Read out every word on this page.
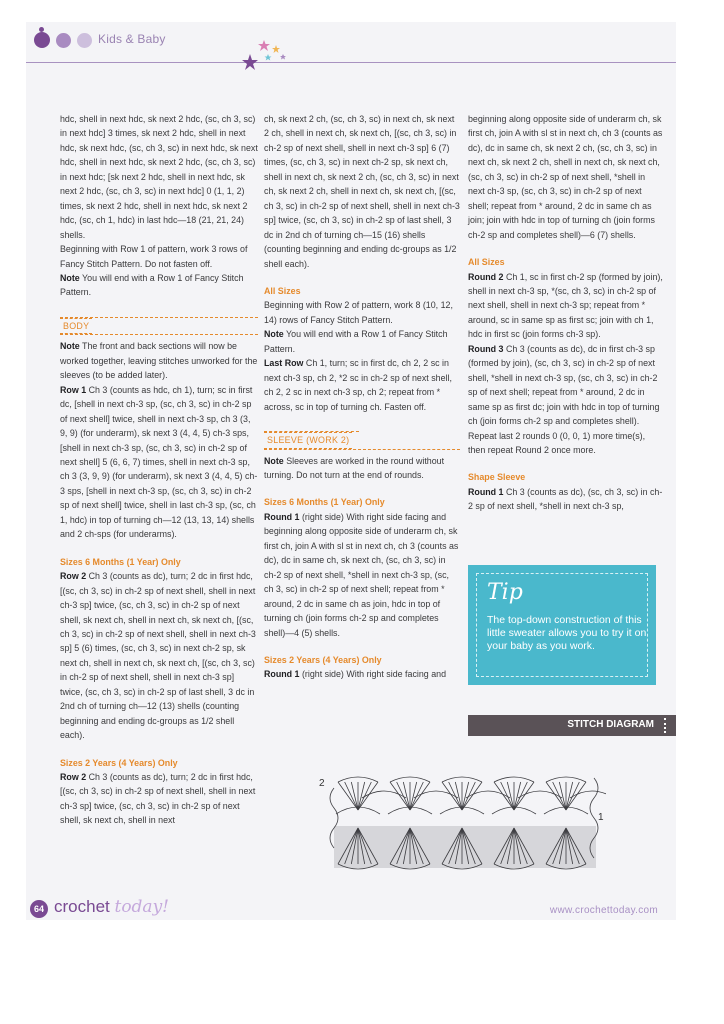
Kids & Baby

hdc, shell in next hdc, sk next 2 hdc, (sc, ch 3, sc) in next hdc] 3 times, sk next 2 hdc, shell in next hdc, sk next hdc, (sc, ch 3, sc) in next hdc, sk next hdc, shell in next hdc, sk next 2 hdc, (sc, ch 3, sc) in next hdc; [sk next 2 hdc, shell in next hdc, sk next 2 hdc, (sc, ch 3, sc) in next hdc] 0 (1, 1, 2) times, sk next 2 hdc, shell in next hdc, sk next 2 hdc, (sc, ch 1, hdc) in last hdc—18 (21, 21, 24) shells.

Beginning with Row 1 of pattern, work 3 rows of Fancy Stitch Pattern. Do not fasten off.

Note You will end with a Row 1 of Fancy Stitch Pattern.

BODY

Note The front and back sections will now be worked together, leaving stitches unworked for the sleeves (to be added later).

Row 1 Ch 3 (counts as hdc, ch 1), turn; sc in first dc, [shell in next ch-3 sp, (sc, ch 3, sc) in ch-2 sp of next shell] twice, shell in next ch-3 sp, ch 3 (3, 9, 9) (for underarm), sk next 3 (4, 4, 5) ch-3 sps, [shell in next ch-3 sp, (sc, ch 3, sc) in ch-2 sp of next shell] 5 (6, 6, 7) times, shell in next ch-3 sp, ch 3 (3, 9, 9) (for underarm), sk next 3 (4, 4, 5) ch-3 sps, [shell in next ch-3 sp, (sc, ch 3, sc) in ch-2 sp of next shell] twice, shell in last ch-3 sp, (sc, ch 1, hdc) in top of turning ch—12 (13, 13, 14) shells and 2 ch-sps (for underarms).

Sizes 6 Months (1 Year) Only

Row 2 Ch 3 (counts as dc), turn; 2 dc in first hdc, [(sc, ch 3, sc) in ch-2 sp of next shell, shell in next ch-3 sp] twice, (sc, ch 3, sc) in ch-2 sp of next shell, sk next ch, shell in next ch, sk next ch, [(sc, ch 3, sc) in ch-2 sp of next shell, shell in next ch-3 sp] 5 (6) times, (sc, ch 3, sc) in next ch-2 sp, sk next ch, shell in next ch, sk next ch, [(sc, ch 3, sc) in ch-2 sp of next shell, shell in next ch-3 sp] twice, (sc, ch 3, sc) in ch-2 sp of last shell, 3 dc in 2nd ch of turning ch—12 (13) shells (counting beginning and ending dc-groups as 1/2 shell each).

Sizes 2 Years (4 Years) Only

Row 2 Ch 3 (counts as dc), turn; 2 dc in first hdc, [(sc, ch 3, sc) in ch-2 sp of next shell, shell in next ch-3 sp] twice, (sc, ch 3, sc) in ch-2 sp of next shell, sk next ch, shell in next

ch, sk next 2 ch, (sc, ch 3, sc) in next ch, sk next 2 ch, shell in next ch, sk next ch, [(sc, ch 3, sc) in ch-2 sp of next shell, shell in next ch-3 sp] 6 (7) times, (sc, ch 3, sc) in next ch-2 sp, sk next ch, shell in next ch, sk next 2 ch, (sc, ch 3, sc) in next ch, sk next 2 ch, shell in next ch, sk next ch, [(sc, ch 3, sc) in ch-2 sp of next shell, shell in next ch-3 sp] twice, (sc, ch 3, sc) in ch-2 sp of last shell, 3 dc in 2nd ch of turning ch—15 (16) shells (counting beginning and ending dc-groups as 1/2 shell each).

All Sizes

Beginning with Row 2 of pattern, work 8 (10, 12, 14) rows of Fancy Stitch Pattern.

Note You will end with a Row 1 of Fancy Stitch Pattern.

Last Row Ch 1, turn; sc in first dc, ch 2, 2 sc in next ch-3 sp, ch 2, *2 sc in ch-2 sp of next shell, ch 2, 2 sc in next ch-3 sp, ch 2; repeat from * across, sc in top of turning ch. Fasten off.

SLEEVE (WORK 2)

Note Sleeves are worked in the round without turning. Do not turn at the end of rounds.

Sizes 6 Months (1 Year) Only

Round 1 (right side) With right side facing and beginning along opposite side of underarm ch, sk first ch, join A with sl st in next ch, ch 3 (counts as dc), dc in same ch, sk next ch, (sc, ch 3, sc) in ch-2 sp of next shell, *shell in next ch-3 sp, (sc, ch 3, sc) in ch-2 sp of next shell; repeat from * around, 2 dc in same ch as join, hdc in top of turning ch (join forms ch-2 sp and completes shell)—4 (5) shells.

Sizes 2 Years (4 Years) Only

Round 1 (right side) With right side facing and

beginning along opposite side of underarm ch, sk first ch, join A with sl st in next ch, ch 3 (counts as dc), dc in same ch, sk next 2 ch, (sc, ch 3, sc) in next ch, sk next 2 ch, shell in next ch, sk next ch, (sc, ch 3, sc) in ch-2 sp of next shell, *shell in next ch-3 sp, (sc, ch 3, sc) in ch-2 sp of next shell; repeat from * around, 2 dc in same ch as join; join with hdc in top of turning ch (join forms ch-2 sp and completes shell)—6 (7) shells.

All Sizes

Round 2 Ch 1, sc in first ch-2 sp (formed by join), shell in next ch-3 sp, *(sc, ch 3, sc) in ch-2 sp of next shell, shell in next ch-3 sp; repeat from * around, sc in same sp as first sc; join with ch 1, hdc in first sc (join forms ch-3 sp).

Round 3 Ch 3 (counts as dc), dc in first ch-3 sp (formed by join), (sc, ch 3, sc) in ch-2 sp of next shell, *shell in next ch-3 sp, (sc, ch 3, sc) in ch-2 sp of next shell; repeat from * around, 2 dc in same sp as first dc; join with hdc in top of turning ch (join forms ch-2 sp and completes shell).

Repeat last 2 rounds 0 (0, 0, 1) more time(s), then repeat Round 2 once more.

Shape Sleeve

Round 1 Ch 3 (counts as dc), (sc, ch 3, sc) in ch-2 sp of next shell, *shell in next ch-3 sp,

Tip
The top-down construction of this little sweater allows you to try it on your baby as you work.
STITCH DIAGRAM
2
1
64 crochet today!	www.crochettoday.com
